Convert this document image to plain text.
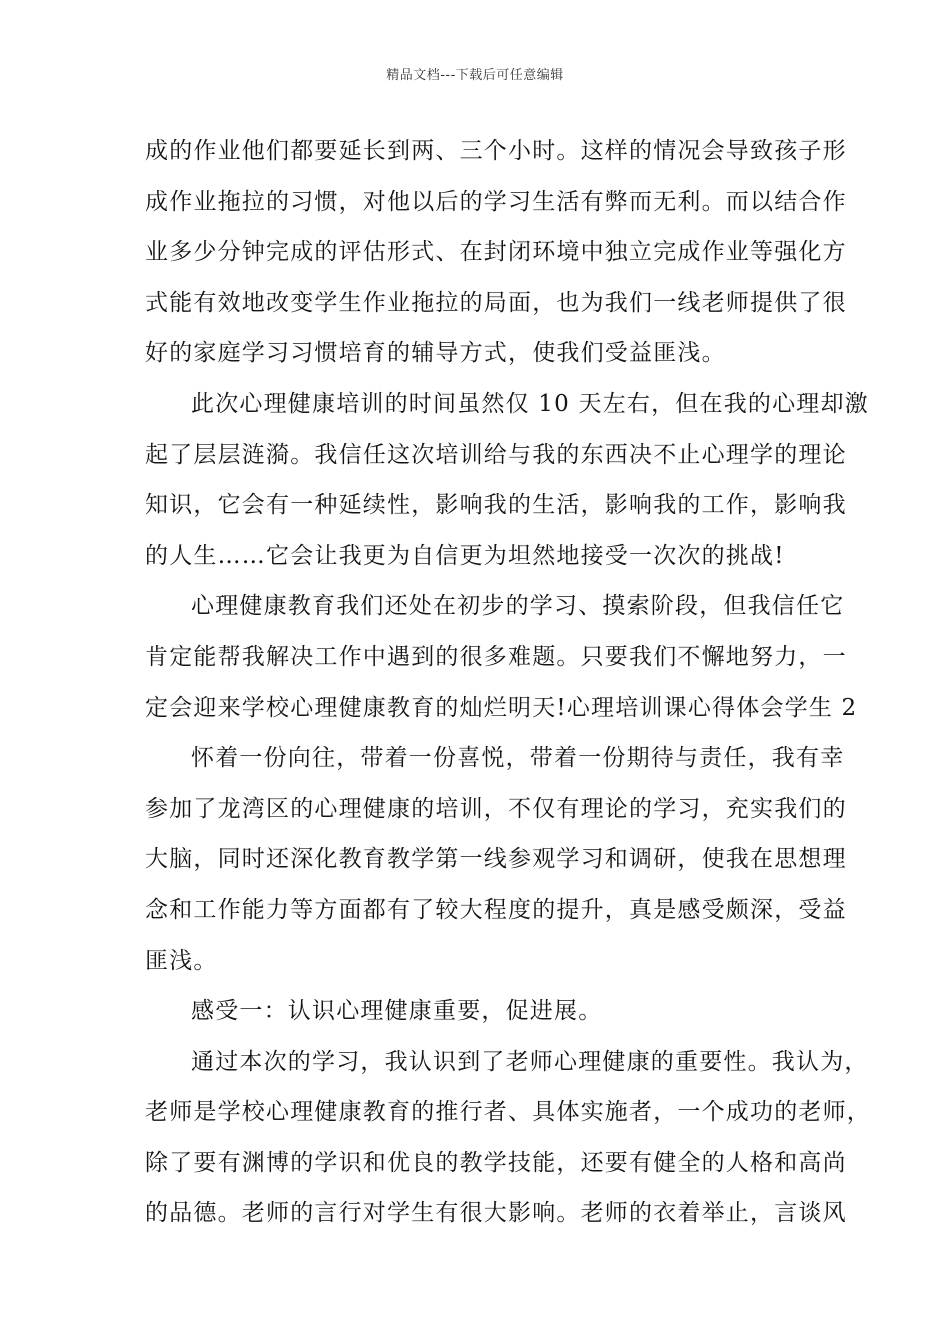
精品文档---下载后可任意编辑
成的作业他们都要延长到两、三个小时。这样的情况会导致孩子形
成作业拖拉的习惯，对他以后的学习生活有弊而无利。而以结合作
业多少分钟完成的评估形式、在封闭环境中独立完成作业等强化方
式能有效地改变学生作业拖拉的局面，也为我们一线老师提供了很
好的家庭学习习惯培育的辅导方式，使我们受益匪浅。
此次心理健康培训的时间虽然仅 10 天左右，但在我的心理却激
起了层层涟漪。我信任这次培训给与我的东西决不止心理学的理论
知识，它会有一种延续性，影响我的生活，影响我的工作，影响我
的人生……它会让我更为自信更为坦然地接受一次次的挑战!
心理健康教育我们还处在初步的学习、摸索阶段，但我信任它
肯定能帮我解决工作中遇到的很多难题。只要我们不懈地努力，一
定会迎来学校心理健康教育的灿烂明天!心理培训课心得体会学生 2
怀着一份向往，带着一份喜悦，带着一份期待与责任，我有幸
参加了龙湾区的心理健康的培训，不仅有理论的学习，充实我们的
大脑，同时还深化教育教学第一线参观学习和调研，使我在思想理
念和工作能力等方面都有了较大程度的提升，真是感受颇深，受益
匪浅。
感受一：认识心理健康重要，促进展。
通过本次的学习，我认识到了老师心理健康的重要性。我认为，
老师是学校心理健康教育的推行者、具体实施者，一个成功的老师，
除了要有渊博的学识和优良的教学技能，还要有健全的人格和高尚
的品德。老师的言行对学生有很大影响。老师的衣着举止，言谈风
